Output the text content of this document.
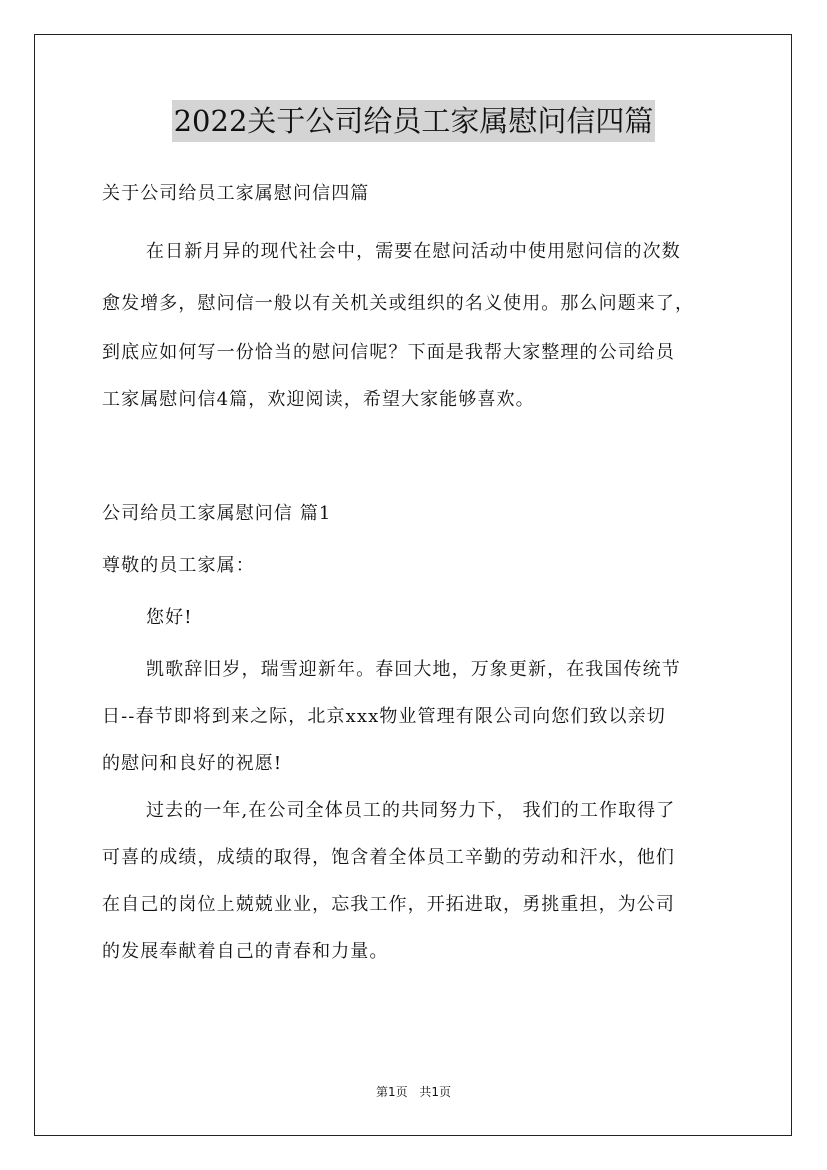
2022关于公司给员工家属慰问信四篇
关于公司给员工家属慰问信四篇
在日新月异的现代社会中，需要在慰问活动中使用慰问信的次数
愈发增多，慰问信一般以有关机关或组织的名义使用。那么问题来了，
到底应如何写一份恰当的慰问信呢？下面是我帮大家整理的公司给员
工家属慰问信4篇，欢迎阅读，希望大家能够喜欢。
公司给员工家属慰问信 篇1
尊敬的员工家属：
您好!
凯歌辞旧岁，瑞雪迎新年。春回大地，万象更新，在我国传统节
日--春节即将到来之际，北京xxx物业管理有限公司向您们致以亲切
的慰问和良好的祝愿!
过去的一年,在公司全体员工的共同努力下， 我们的工作取得了
可喜的成绩，成绩的取得，饱含着全体员工辛勤的劳动和汗水，他们
在自己的岗位上兢兢业业，忘我工作，开拓进取，勇挑重担，为公司
的发展奉献着自己的青春和力量。
第1页 共1页
